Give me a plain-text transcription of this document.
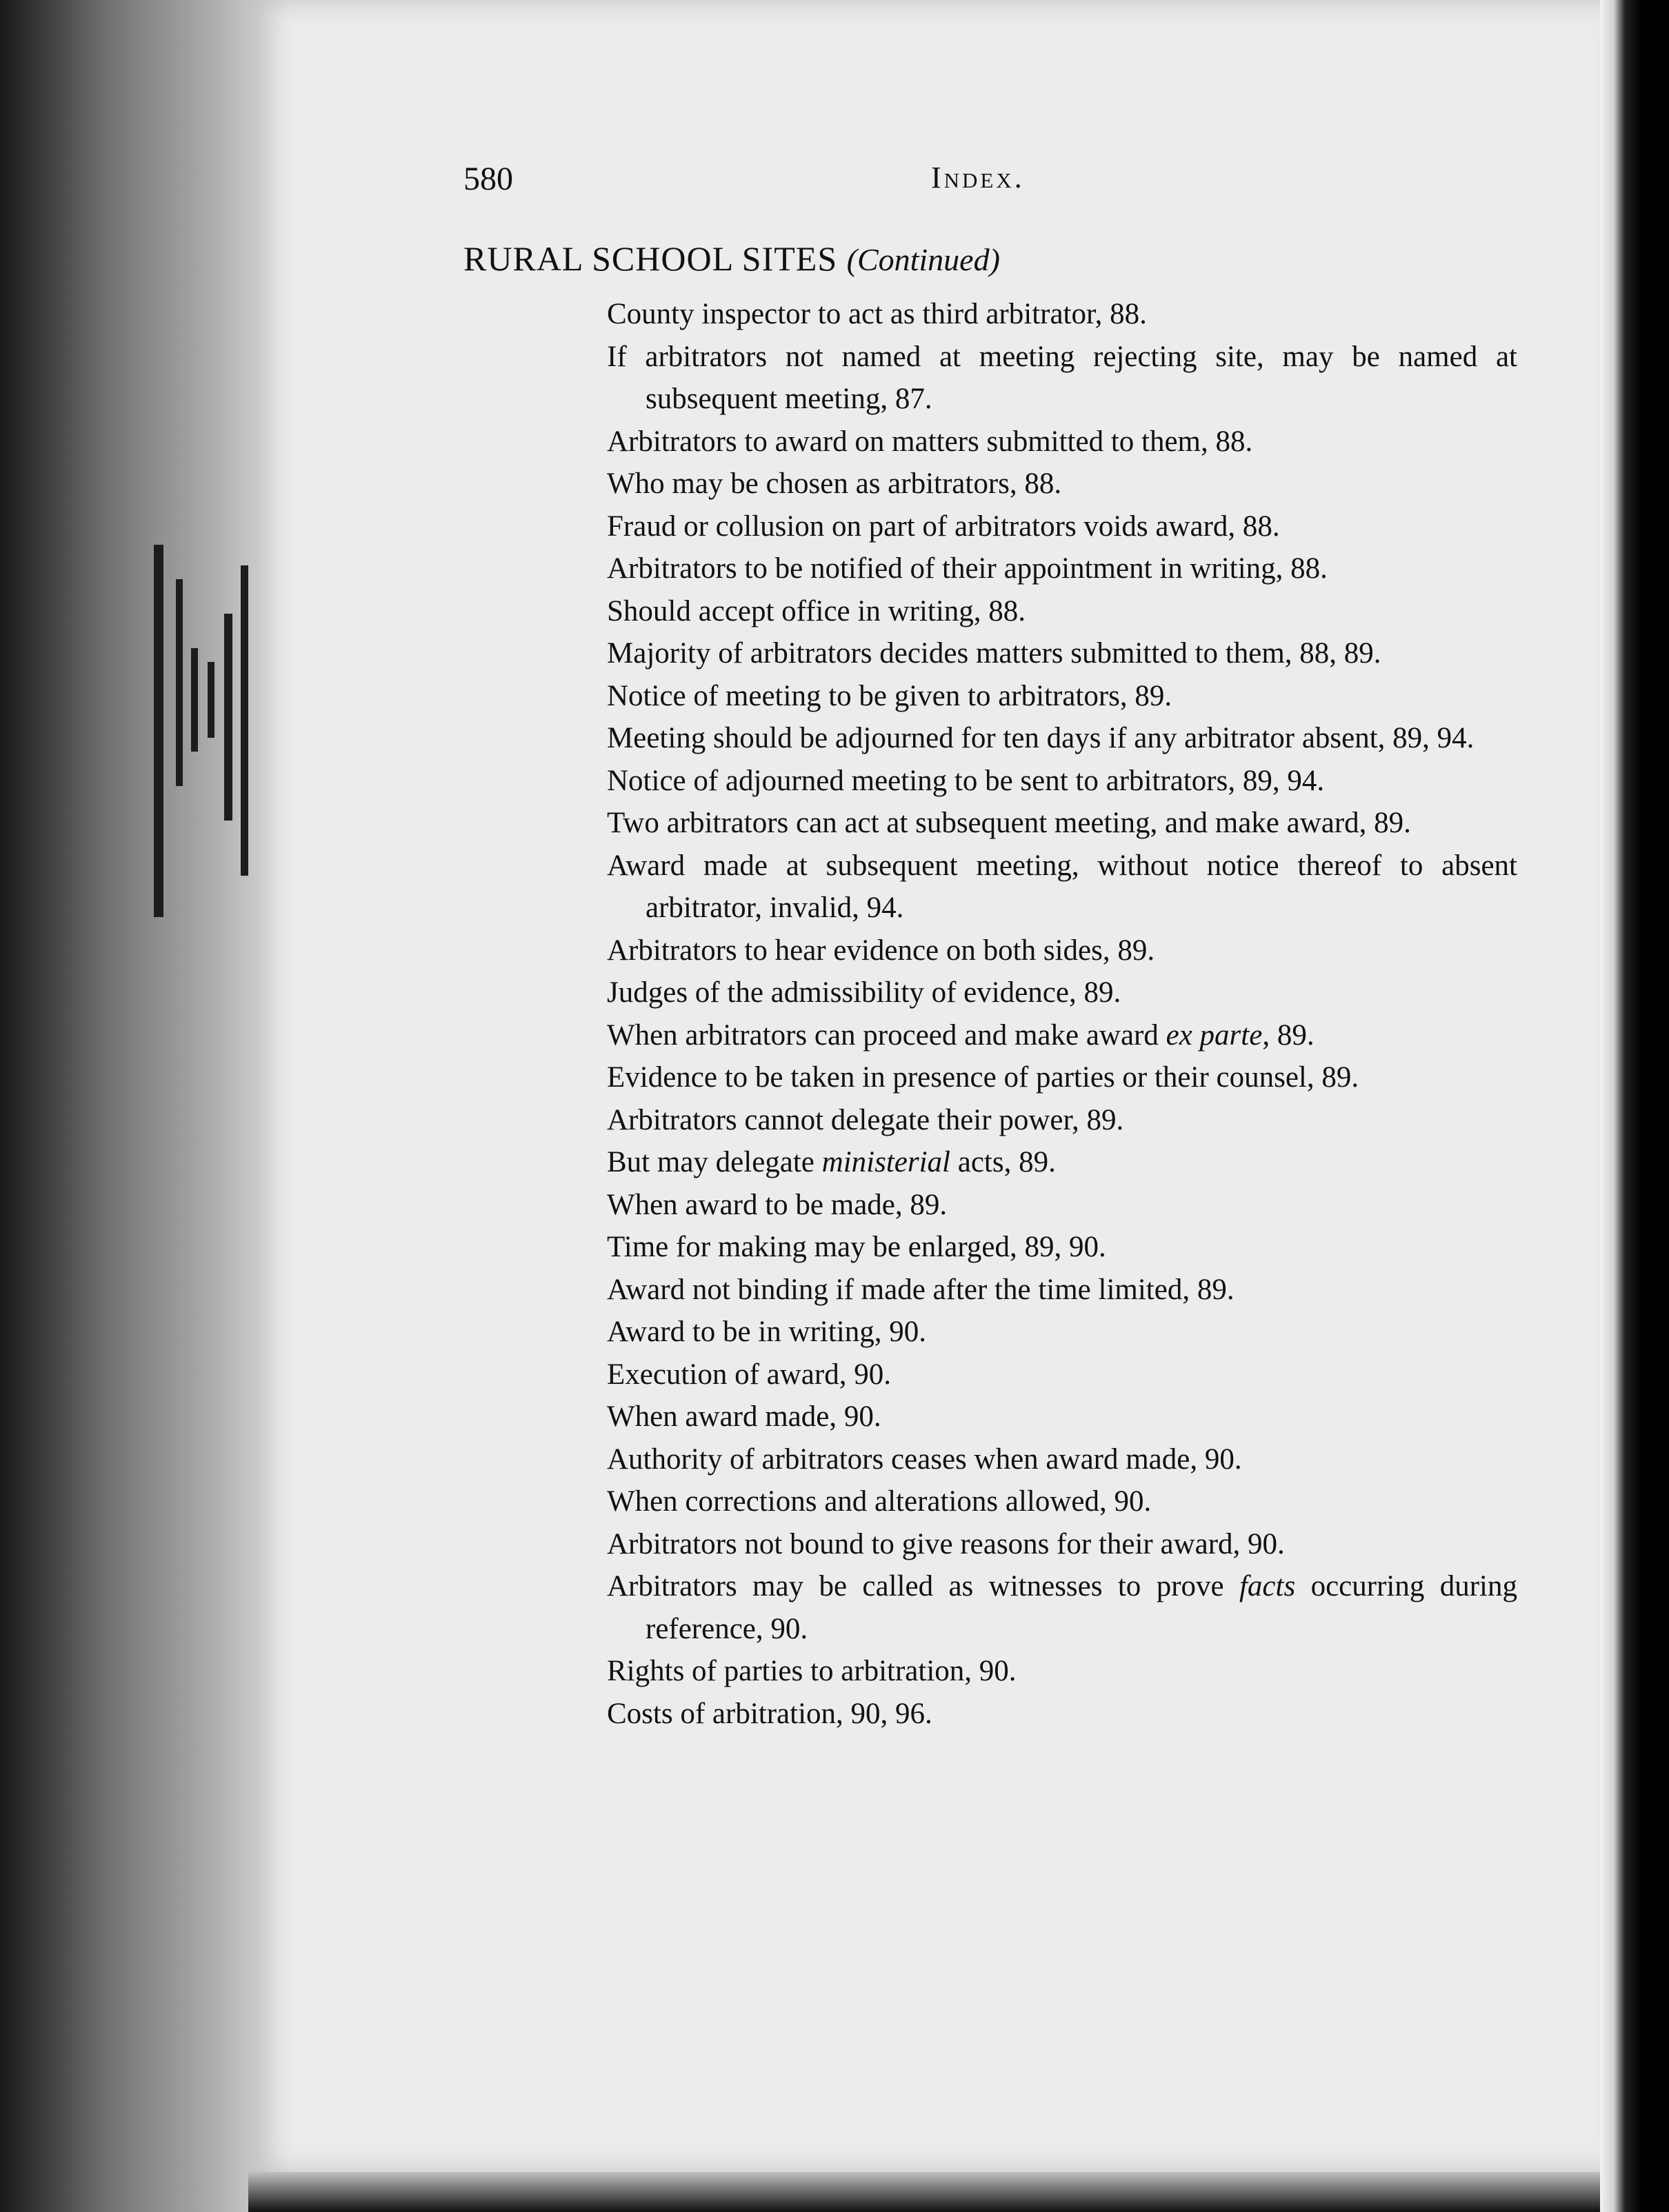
580	Index.
RURAL SCHOOL SITES (Continued)
County inspector to act as third arbitrator, 88.
If arbitrators not named at meeting rejecting site, may be named at subsequent meeting, 87.
Arbitrators to award on matters submitted to them, 88.
Who may be chosen as arbitrators, 88.
Fraud or collusion on part of arbitrators voids award, 88.
Arbitrators to be notified of their appointment in writing, 88.
Should accept office in writing, 88.
Majority of arbitrators decides matters submitted to them, 88, 89.
Notice of meeting to be given to arbitrators, 89.
Meeting should be adjourned for ten days if any arbitrator absent, 89, 94.
Notice of adjourned meeting to be sent to arbitrators, 89, 94.
Two arbitrators can act at subsequent meeting, and make award, 89.
Award made at subsequent meeting, without notice thereof to absent arbitrator, invalid, 94.
Arbitrators to hear evidence on both sides, 89.
Judges of the admissibility of evidence, 89.
When arbitrators can proceed and make award ex parte, 89.
Evidence to be taken in presence of parties or their counsel, 89.
Arbitrators cannot delegate their power, 89.
But may delegate ministerial acts, 89.
When award to be made, 89.
Time for making may be enlarged, 89, 90.
Award not binding if made after the time limited, 89.
Award to be in writing, 90.
Execution of award, 90.
When award made, 90.
Authority of arbitrators ceases when award made, 90.
When corrections and alterations allowed, 90.
Arbitrators not bound to give reasons for their award, 90.
Arbitrators may be called as witnesses to prove facts occurring during reference, 90.
Rights of parties to arbitration, 90.
Costs of arbitration, 90, 96.
